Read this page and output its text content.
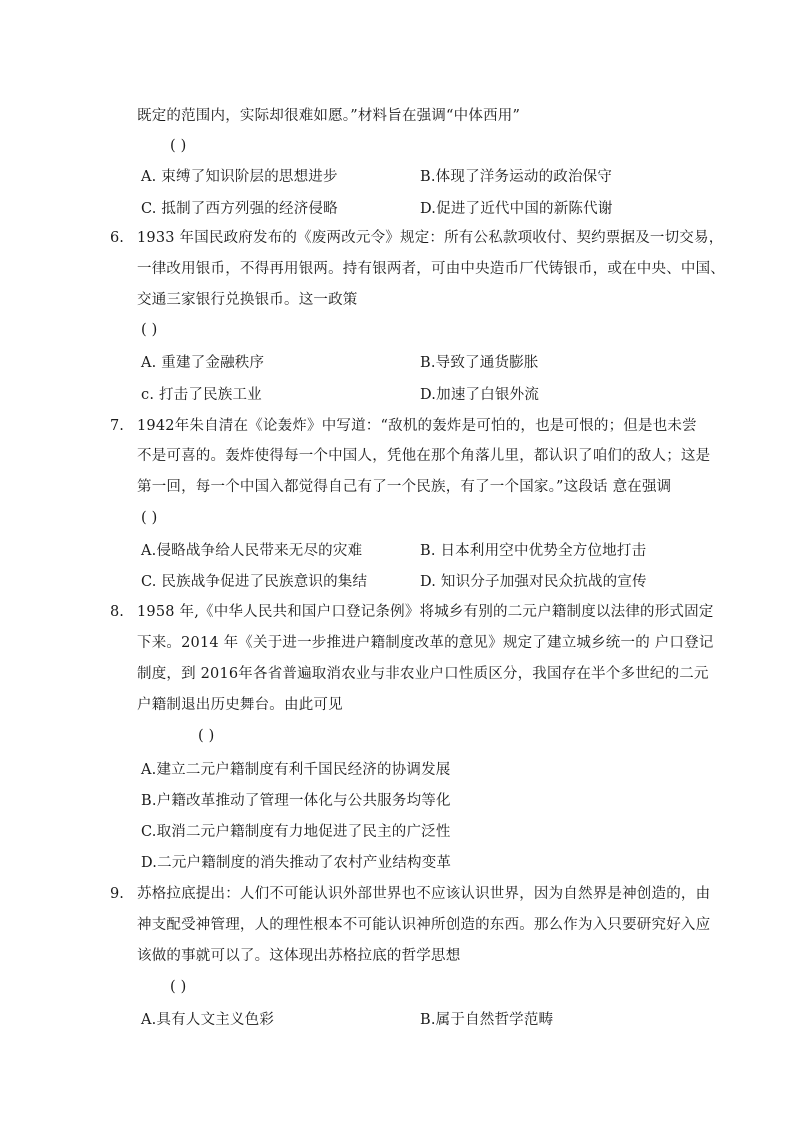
既定的范围内，实际却很难如愿。”材料旨在强调“中体西用”
( )
A. 束缚了知识阶层的思想进步	B.体现了洋务运动的政治保守
C. 抵制了西方列强的经济侵略	D.促进了近代中国的新陈代谢
6. 1933 年国民政府发布的《废两改元令》规定：所有公私款项收付、契约票据及一切交易，
一律改用银币，不得再用银两。持有银两者，可由中央造币厂代铸银币，或在中央、中国、
交通三家银行兑换银币。这一政策
( )
A. 重建了金融秩序	B.导致了通货膨胀
c. 打击了民族工业	D.加速了白银外流
7. 1942年朱自清在《论轰炸》中写道：“敌机的轰炸是可怕的，也是可恨的；但是也未尝
不是可喜的。轰炸使得每一个中国人，凭他在那个角落儿里，都认识了咱们的敌人；这是
第一回，每一个中国入都觉得自己有了一个民族，有了一个国家。”这段话 意在强调
( )
A.侵略战争给人民带来无尽的灾难	B. 日本利用空中优势全方位地打击
C. 民族战争促进了民族意识的集结	D. 知识分子加强对民众抗战的宣传
8. 1958 年,《中华人民共和国户口登记条例》将城乡有别的二元户籍制度以法律的形式固定
下来。2014 年《关于进一步推进户籍制度改革的意见》规定了建立城乡统一的 户口登记
制度，到 2016年各省普遍取消农业与非农业户口性质区分，我国存在半个多世纪的二元
户籍制退出历史舞台。由此可见
( )
A.建立二元户籍制度有利千国民经济的协调发展
B.户籍改革推动了管理一体化与公共服务均等化
C.取消二元户籍制度有力地促进了民主的广泛性
D.二元户籍制度的消失推动了农村产业结构变革
9. 苏格拉底提出：人们不可能认识外部世界也不应该认识世界，因为自然界是神创造的，由
神支配受神管理，人的理性根本不可能认识神所创造的东西。那么作为入只要研究好入应
该做的事就可以了。这体现出苏格拉底的哲学思想
( )
A.具有人文主义色彩	B.属于自然哲学范畴
